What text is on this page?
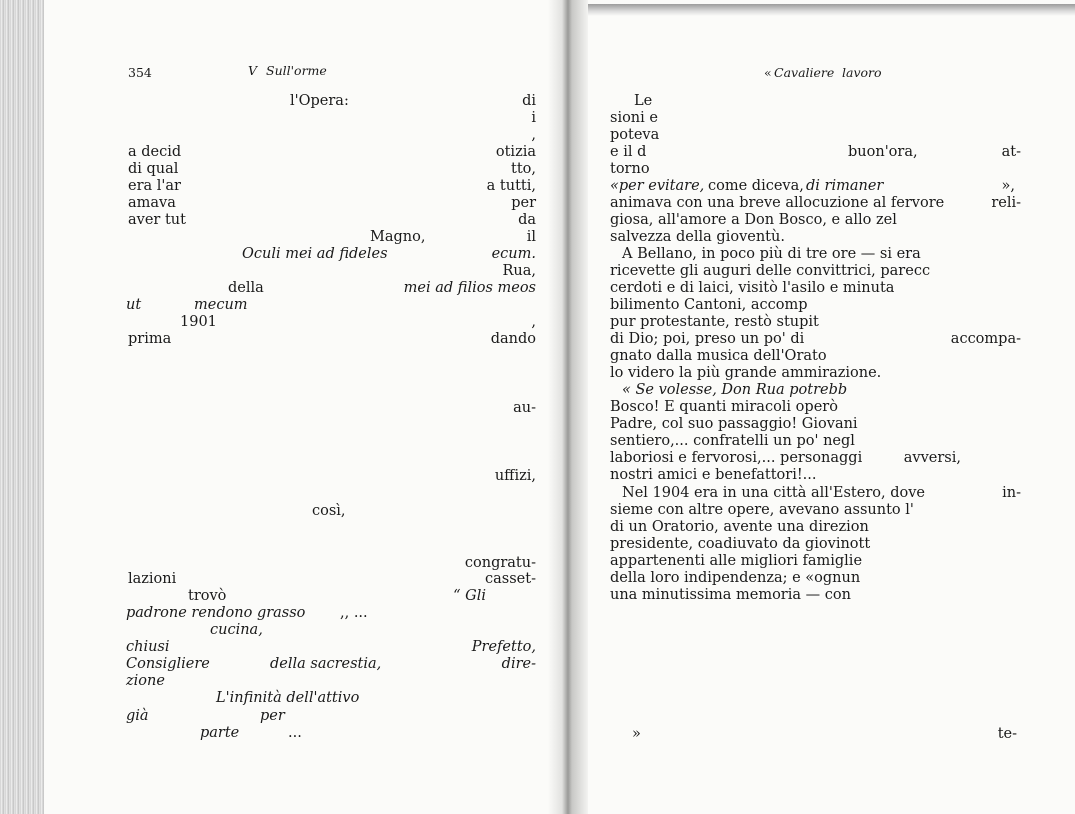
354	V Sull'orme
l'Opera:	di
i
,
a decid	otizia
di qual	tto,
era l'ar	a tutti,
amava	per
aver tut	da
Magno,	il
Oculi mei ad fideles	ecum.
Rua,
della	mei ad filios meos
ut	mecum
1901	,
prima	dando
au-
uffizi,
così,
congratu-
lazioni	casset-
trovò	“ Gli
padrone rendono grasso ,, ...
cucina,
chiusi	Prefetto,
Consigliere	della sacrestia,	dire-
zione
L'infinità dell'attivo
già	per
parte	...
« Cavaliere lavoro
Le
sioni e
poteva
e il d	buon'ora,	at-
torno
«per evitare, come diceva, di rimaner	»,
animava con una breve allocuzione al fervore	reli-
giosa, all'amore a Don Bosco, e allo zel
salvezza della gioventù.
A Bellano, in poco più di tre ore — si era
ricevette gli auguri delle convittrici, parecc
cerdoti e di laici, visitò l'asilo e minuta
bilimento Cantoni, accomp
pur protestante, restò stupit
di Dio; poi, preso un po' di	accompa-
gnato dalla musica dell'Orato
lo videro la più grande ammirazione.
« Se volesse, Don Rua potrebb
Bosco! E quanti miracoli operò
Padre, col suo passaggio! Giovani
sentiero,... confratelli un po' negl
laboriosi e fervorosi,... personaggi	avversi,
nostri amici e benefattori!...
Nel 1904 era in una città all'Estero, dove	in-
sieme con altre opere, avevano assunto l'
di un Oratorio, avente una direzion
presidente, coadiuvato da giovinott
appartenenti alle migliori famiglie
della loro indipendenza; e «ognun
una minutissima memoria — con
»	te-
